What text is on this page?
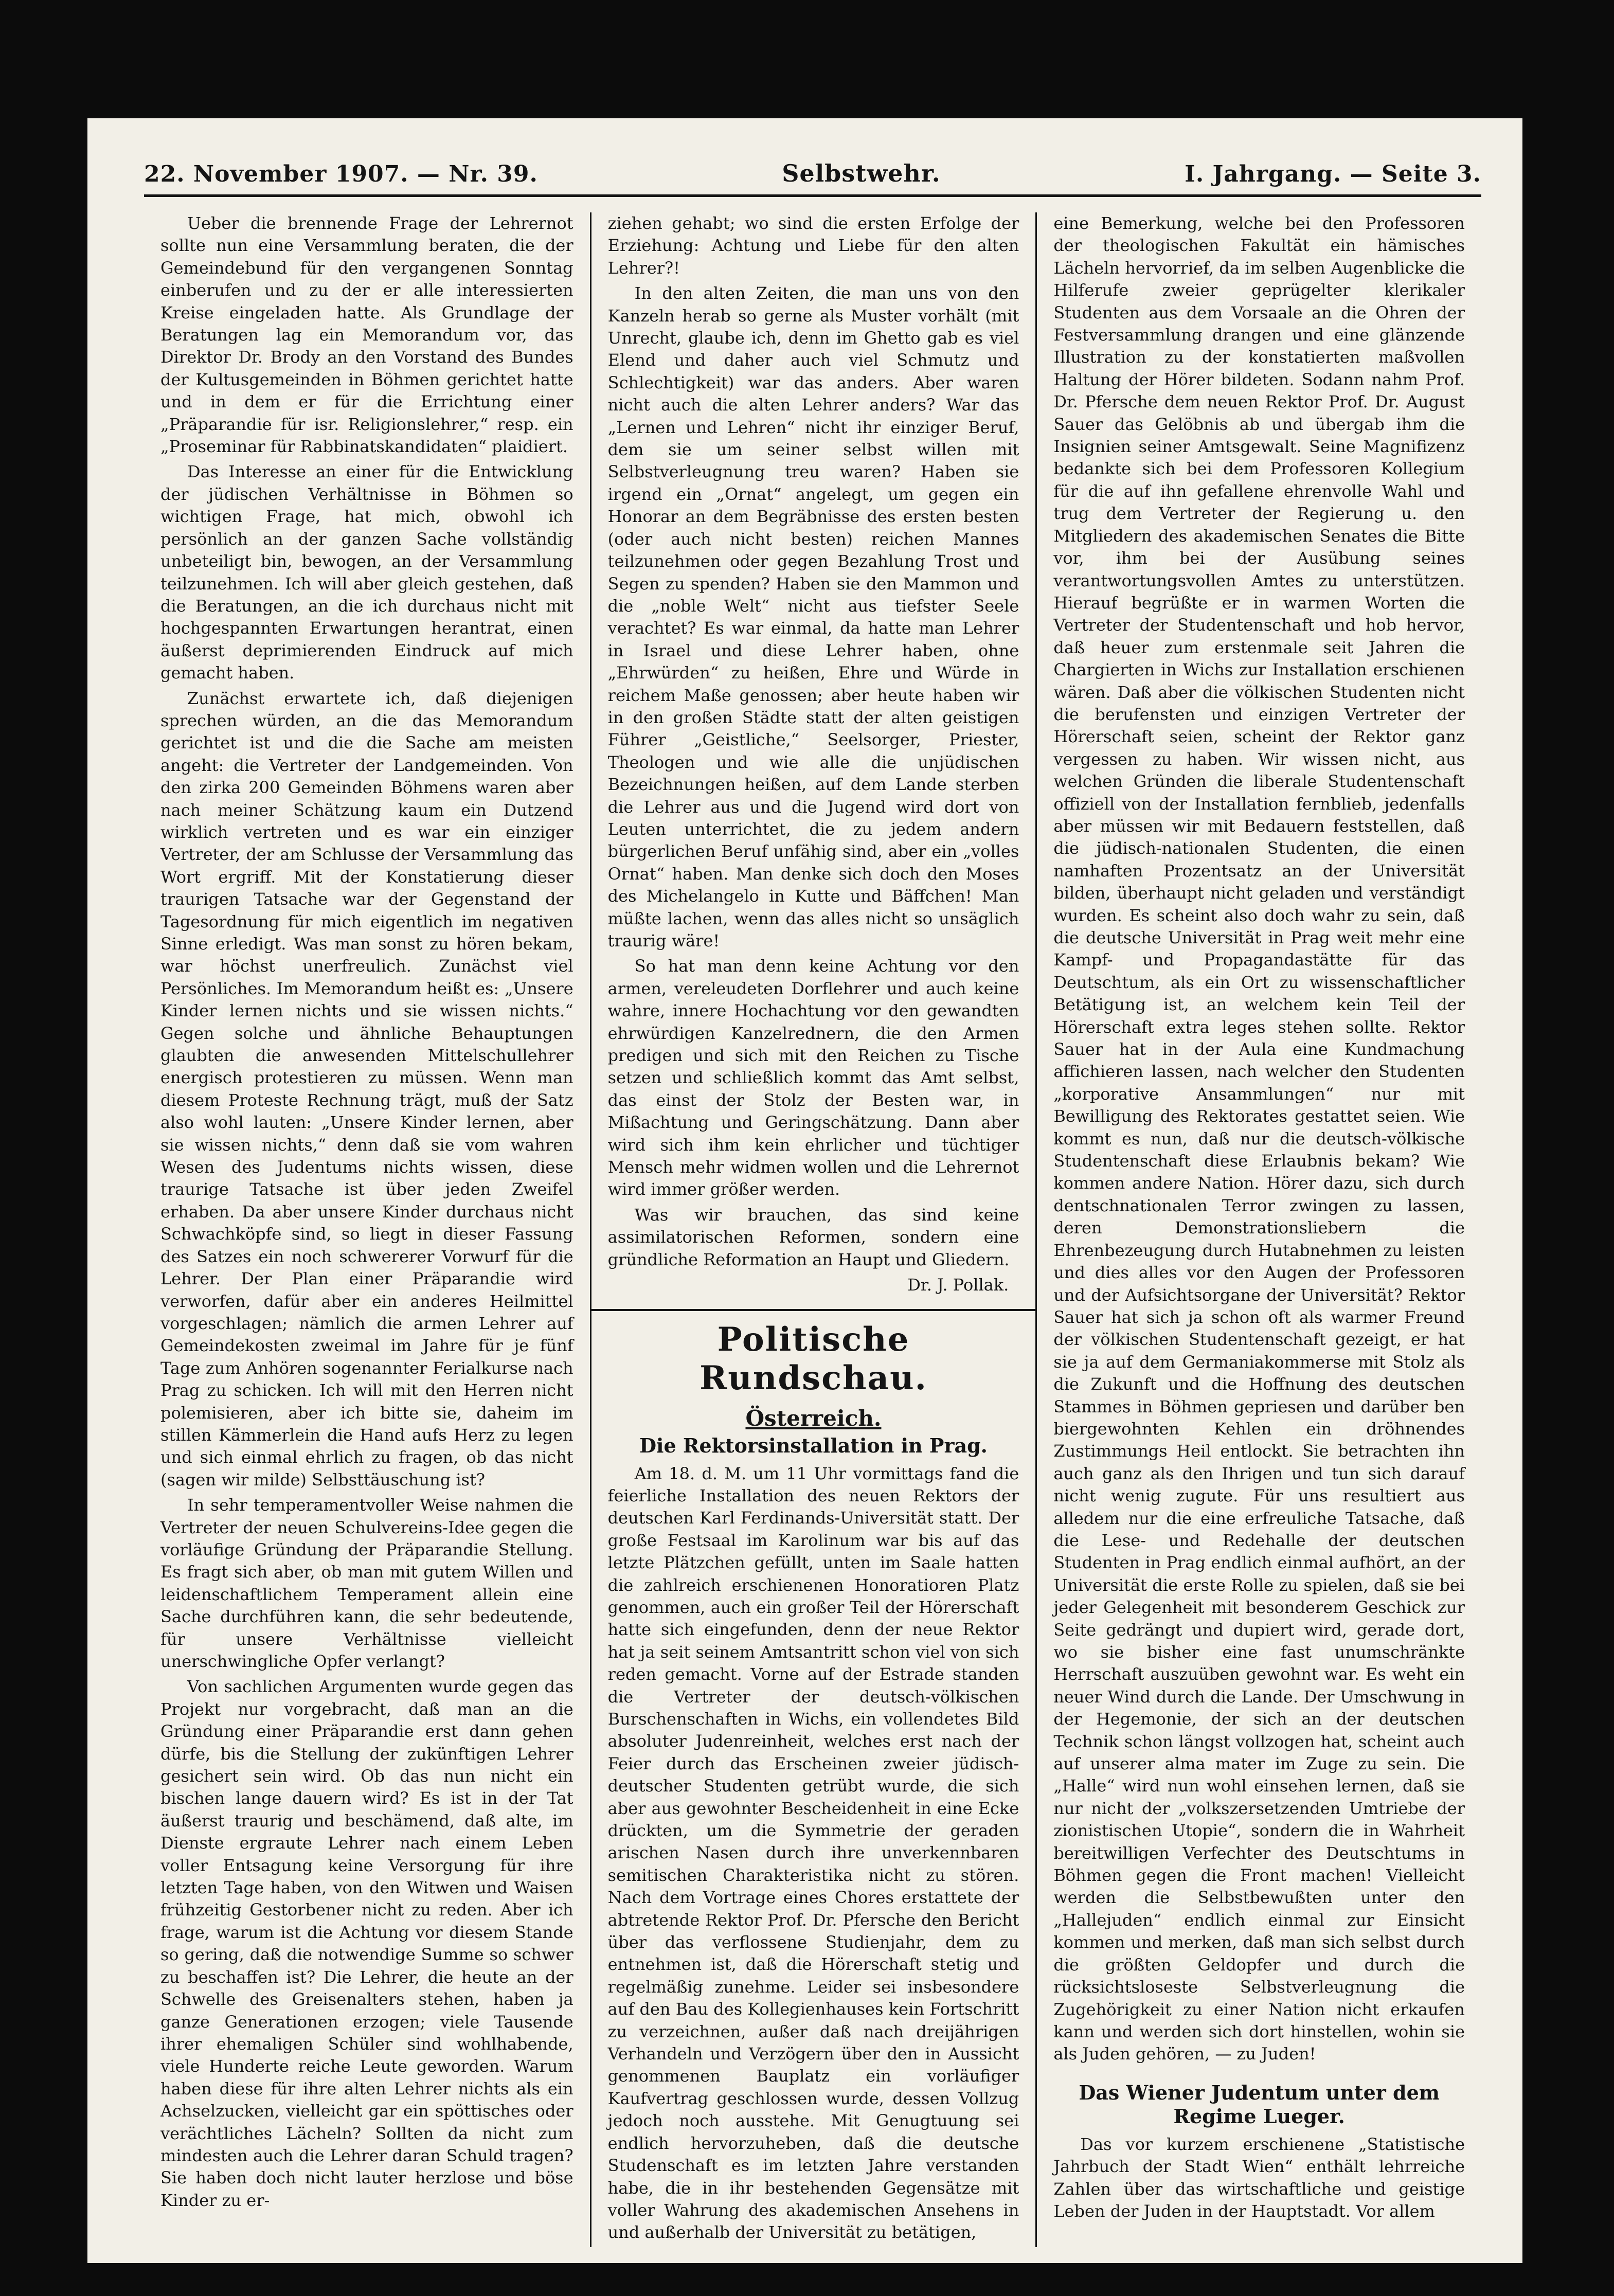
22. November 1907. — Nr. 39.	Selbstwehr.	I. Jahrgang. — Seite 3.

Ueber die brennende Frage der Lehrernot sollte nun eine Versammlung beraten, die der Gemeindebund für den vergangenen Sonntag einberufen und zu der er alle interessierten Kreise eingeladen hatte. Als Grundlage der Beratungen lag ein Memorandum vor, das Direktor Dr. Brody an den Vorstand des Bundes der Kultusgemeinden in Böhmen gerichtet hatte und in dem er für die Errichtung einer „Präparandie für isr. Religionslehrer,“ resp. ein „Proseminar für Rabbinatskandidaten“ plaidiert.

Das Interesse an einer für die Entwicklung der jüdischen Verhältnisse in Böhmen so wichtigen Frage, hat mich, obwohl ich persönlich an der ganzen Sache vollständig unbeteiligt bin, bewogen, an der Versammlung teilzunehmen. Ich will aber gleich gestehen, daß die Beratungen, an die ich durchaus nicht mit hochgespannten Erwartungen herantrat, einen äußerst deprimierenden Eindruck auf mich gemacht haben.

Zunächst erwartete ich, daß diejenigen sprechen würden, an die das Memorandum gerichtet ist und die die Sache am meisten angeht: die Vertreter der Landgemeinden. Von den zirka 200 Gemeinden Böhmens waren aber nach meiner Schätzung kaum ein Dutzend wirklich vertreten und es war ein einziger Vertreter, der am Schlusse der Versammlung das Wort ergriff. Mit der Konstatierung dieser traurigen Tatsache war der Gegenstand der Tagesordnung für mich eigentlich im negativen Sinne erledigt. Was man sonst zu hören bekam, war höchst unerfreulich. Zunächst viel Persönliches. Im Memorandum heißt es: „Unsere Kinder lernen nichts und sie wissen nichts.“ Gegen solche und ähnliche Behauptungen glaubten die anwesenden Mittelschullehrer energisch protestieren zu müssen. Wenn man diesem Proteste Rechnung trägt, muß der Satz also wohl lauten: „Unsere Kinder lernen, aber sie wissen nichts,“ denn daß sie vom wahren Wesen des Judentums nichts wissen, diese traurige Tatsache ist über jeden Zweifel erhaben. Da aber unsere Kinder durchaus nicht Schwachköpfe sind, so liegt in dieser Fassung des Satzes ein noch schwererer Vorwurf für die Lehrer. Der Plan einer Präparandie wird verworfen, dafür aber ein anderes Heilmittel vorgeschlagen; nämlich die armen Lehrer auf Gemeindekosten zweimal im Jahre für je fünf Tage zum Anhören sogenannter Ferialkurse nach Prag zu schicken. Ich will mit den Herren nicht polemisieren, aber ich bitte sie, daheim im stillen Kämmerlein die Hand aufs Herz zu legen und sich einmal ehrlich zu fragen, ob das nicht (sagen wir milde) Selbsttäuschung ist?

In sehr temperamentvoller Weise nahmen die Vertreter der neuen Schulvereins-Idee gegen die vorläufige Gründung der Präparandie Stellung. Es fragt sich aber, ob man mit gutem Willen und leidenschaftlichem Temperament allein eine Sache durchführen kann, die sehr bedeutende, für unsere Verhältnisse vielleicht unerschwingliche Opfer verlangt?

Von sachlichen Argumenten wurde gegen das Projekt nur vorgebracht, daß man an die Gründung einer Präparandie erst dann gehen dürfe, bis die Stellung der zukünftigen Lehrer gesichert sein wird. Ob das nun nicht ein bischen lange dauern wird? Es ist in der Tat äußerst traurig und beschämend, daß alte, im Dienste ergraute Lehrer nach einem Leben voller Entsagung keine Versorgung für ihre letzten Tage haben, von den Witwen und Waisen frühzeitig Gestorbener nicht zu reden. Aber ich frage, warum ist die Achtung vor diesem Stande so gering, daß die notwendige Summe so schwer zu beschaffen ist? Die Lehrer, die heute an der Schwelle des Greisenalters stehen, haben ja ganze Generationen erzogen; viele Tausende ihrer ehemaligen Schüler sind wohlhabende, viele Hunderte reiche Leute geworden. Warum haben diese für ihre alten Lehrer nichts als ein Achselzucken, vielleicht gar ein spöttisches oder verächtliches Lächeln? Sollten da nicht zum mindesten auch die Lehrer daran Schuld tragen? Sie haben doch nicht lauter herzlose und böse Kinder zu er-

ziehen gehabt; wo sind die ersten Erfolge der Erziehung: Achtung und Liebe für den alten Lehrer?!

In den alten Zeiten, die man uns von den Kanzeln herab so gerne als Muster vorhält (mit Unrecht, glaube ich, denn im Ghetto gab es viel Elend und daher auch viel Schmutz und Schlechtigkeit) war das anders. Aber waren nicht auch die alten Lehrer anders? War das „Lernen und Lehren“ nicht ihr einziger Beruf, dem sie um seiner selbst willen mit Selbstverleugnung treu waren? Haben sie irgend ein „Ornat“ angelegt, um gegen ein Honorar an dem Begräbnisse des ersten besten (oder auch nicht besten) reichen Mannes teilzunehmen oder gegen Bezahlung Trost und Segen zu spenden? Haben sie den Mammon und die „noble Welt“ nicht aus tiefster Seele verachtet? Es war einmal, da hatte man Lehrer in Israel und diese Lehrer haben, ohne „Ehrwürden“ zu heißen, Ehre und Würde in reichem Maße genossen; aber heute haben wir in den großen Städte statt der alten geistigen Führer „Geistliche,“ Seelsorger, Priester, Theologen und wie alle die unjüdischen Bezeichnungen heißen, auf dem Lande sterben die Lehrer aus und die Jugend wird dort von Leuten unterrichtet, die zu jedem andern bürgerlichen Beruf unfähig sind, aber ein „volles Ornat“ haben. Man denke sich doch den Moses des Michelangelo in Kutte und Bäffchen! Man müßte lachen, wenn das alles nicht so unsäglich traurig wäre!

So hat man denn keine Achtung vor den armen, vereleudeten Dorflehrer und auch keine wahre, innere Hochachtung vor den gewandten ehrwürdigen Kanzelrednern, die den Armen predigen und sich mit den Reichen zu Tische setzen und schließlich kommt das Amt selbst, das einst der Stolz der Besten war, in Mißachtung und Geringschätzung. Dann aber wird sich ihm kein ehrlicher und tüchtiger Mensch mehr widmen wollen und die Lehrernot wird immer größer werden.

Was wir brauchen, das sind keine assimilatorischen Reformen, sondern eine gründliche Reformation an Haupt und Gliedern.

Dr. J. Pollak.
Politische Rundschau.
Österreich.
Die Rektorsinstallation in Prag.

Am 18. d. M. um 11 Uhr vormittags fand die feierliche Installation des neuen Rektors der deutschen Karl Ferdinands-Universität statt. Der große Festsaal im Karolinum war bis auf das letzte Plätzchen gefüllt, unten im Saale hatten die zahlreich erschienenen Honoratioren Platz genommen, auch ein großer Teil der Hörerschaft hatte sich eingefunden, denn der neue Rektor hat ja seit seinem Amtsantritt schon viel von sich reden gemacht. Vorne auf der Estrade standen die Vertreter der deutsch-völkischen Burschenschaften in Wichs, ein vollendetes Bild absoluter Judenreinheit, welches erst nach der Feier durch das Erscheinen zweier jüdisch-deutscher Studenten getrübt wurde, die sich aber aus gewohnter Bescheidenheit in eine Ecke drückten, um die Symmetrie der geraden arischen Nasen durch ihre unverkennbaren semitischen Charakteristika nicht zu stören. Nach dem Vortrage eines Chores erstattete der abtretende Rektor Prof. Dr. Pfersche den Bericht über das verflossene Studienjahr, dem zu entnehmen ist, daß die Hörerschaft stetig und regelmäßig zunehme. Leider sei insbesondere auf den Bau des Kollegienhauses kein Fortschritt zu verzeichnen, außer daß nach dreijährigen Verhandeln und Verzögern über den in Aussicht genommenen Bauplatz ein vorläufiger Kaufvertrag geschlossen wurde, dessen Vollzug jedoch noch ausstehe. Mit Genugtuung sei endlich hervorzuheben, daß die deutsche Studenschaft es im letzten Jahre verstanden habe, die in ihr bestehenden Gegensätze mit voller Wahrung des akademischen Ansehens in und außerhalb der Universität zu betätigen,

eine Bemerkung, welche bei den Professoren der theologischen Fakultät ein hämisches Lächeln hervorrief, da im selben Augenblicke die Hilferufe zweier geprügelter klerikaler Studenten aus dem Vorsaale an die Ohren der Festversammlung drangen und eine glänzende Illustration zu der konstatierten maßvollen Haltung der Hörer bildeten. Sodann nahm Prof. Dr. Pfersche dem neuen Rektor Prof. Dr. August Sauer das Gelöbnis ab und übergab ihm die Insignien seiner Amtsgewalt. Seine Magnifizenz bedankte sich bei dem Professoren Kollegium für die auf ihn gefallene ehrenvolle Wahl und trug dem Vertreter der Regierung u. den Mitgliedern des akademischen Senates die Bitte vor, ihm bei der Ausübung seines verantwortungsvollen Amtes zu unterstützen. Hierauf begrüßte er in warmen Worten die Vertreter der Studentenschaft und hob hervor, daß heuer zum erstenmale seit Jahren die Chargierten in Wichs zur Installation erschienen wären. Daß aber die völkischen Studenten nicht die berufensten und einzigen Vertreter der Hörerschaft seien, scheint der Rektor ganz vergessen zu haben. Wir wissen nicht, aus welchen Gründen die liberale Studentenschaft offiziell von der Installation fernblieb, jedenfalls aber müssen wir mit Bedauern feststellen, daß die jüdisch-nationalen Studenten, die einen namhaften Prozentsatz an der Universität bilden, überhaupt nicht geladen und verständigt wurden. Es scheint also doch wahr zu sein, daß die deutsche Universität in Prag weit mehr eine Kampf- und Propagandastätte für das Deutschtum, als ein Ort zu wissenschaftlicher Betätigung ist, an welchem kein Teil der Hörerschaft extra leges stehen sollte. Rektor Sauer hat in der Aula eine Kundmachung affichieren lassen, nach welcher den Studenten „korporative Ansammlungen“ nur mit Bewilligung des Rektorates gestattet seien. Wie kommt es nun, daß nur die deutsch-völkische Studentenschaft diese Erlaubnis bekam? Wie kommen andere Nation. Hörer dazu, sich durch dentschnationalen Terror zwingen zu lassen, deren Demonstrationsliebern die Ehrenbezeugung durch Hutabnehmen zu leisten und dies alles vor den Augen der Professoren und der Aufsichtsorgane der Universität? Rektor Sauer hat sich ja schon oft als warmer Freund der völkischen Studentenschaft gezeigt, er hat sie ja auf dem Germaniakommerse mit Stolz als die Zukunft und die Hoffnung des deutschen Stammes in Böhmen gepriesen und darüber ben biergewohnten Kehlen ein dröhnendes Zustimmungs Heil entlockt. Sie betrachten ihn auch ganz als den Ihrigen und tun sich darauf nicht wenig zugute. Für uns resultiert aus alledem nur die eine erfreuliche Tatsache, daß die Lese- und Redehalle der deutschen Studenten in Prag endlich einmal aufhört, an der Universität die erste Rolle zu spielen, daß sie bei jeder Gelegenheit mit besonderem Geschick zur Seite gedrängt und dupiert wird, gerade dort, wo sie bisher eine fast unumschränkte Herrschaft auszuüben gewohnt war. Es weht ein neuer Wind durch die Lande. Der Umschwung in der Hegemonie, der sich an der deutschen Technik schon längst vollzogen hat, scheint auch auf unserer alma mater im Zuge zu sein. Die „Halle“ wird nun wohl einsehen lernen, daß sie nur nicht der „volkszersetzenden Umtriebe der zionistischen Utopie“, sondern die in Wahrheit bereitwilligen Verfechter des Deutschtums in Böhmen gegen die Front machen! Vielleicht werden die Selbstbewußten unter den „Hallejuden“ endlich einmal zur Einsicht kommen und merken, daß man sich selbst durch die größten Geldopfer und durch die rücksichtsloseste Selbstverleugnung die Zugehörigkeit zu einer Nation nicht erkaufen kann und werden sich dort hinstellen, wohin sie als Juden gehören, — zu Juden!

Das Wiener Judentum unter dem Regime Lueger.

Das vor kurzem erschienene „Statistische Jahrbuch der Stadt Wien“ enthält lehrreiche Zahlen über das wirtschaftliche und geistige Leben der Juden in der Hauptstadt. Vor allem
